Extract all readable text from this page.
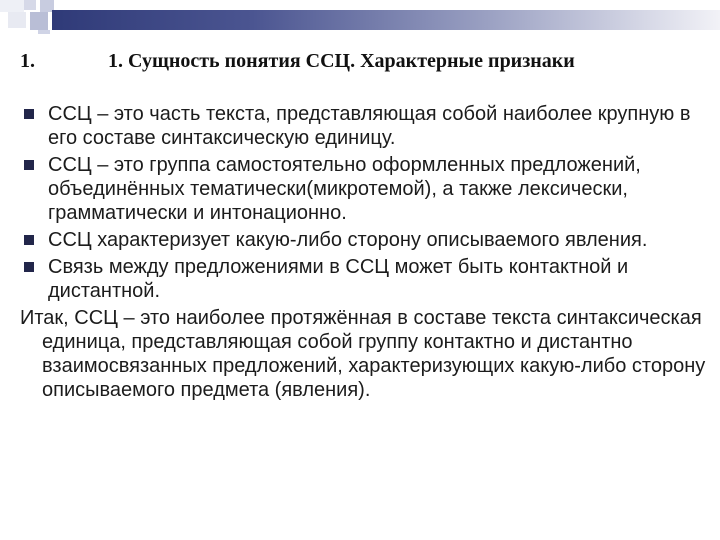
1.	1. Сущность понятия ССЦ. Характерные признаки
ССЦ – это часть текста, представляющая собой наиболее крупную в его составе синтаксическую единицу.
ССЦ – это группа самостоятельно оформленных предложений, объединённых тематически(микротемой), а также лексически, грамматически и интонационно.
ССЦ характеризует какую-либо сторону описываемого явления.
Связь между предложениями в ССЦ может быть контактной и дистантной.
Итак, ССЦ – это наиболее протяжённая в составе текста синтаксическая единица, представляющая собой группу контактно и дистантно взаимосвязанных предложений, характеризующих какую-либо сторону описываемого предмета (явления).
